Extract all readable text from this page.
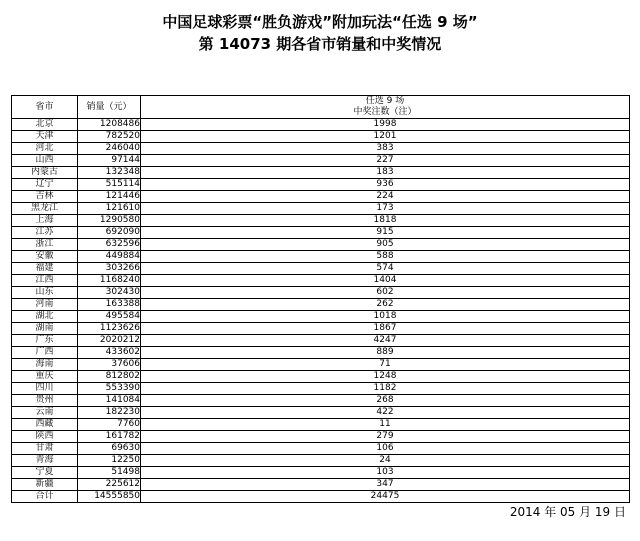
中国足球彩票“胜负游戏”附加玩法“任选 9 场”
第 14073 期各省市销量和中奖情况
省市	销量（元）	任选 9 场
中奖注数（注）

北京	1208486	1998
天津	782520	1201
河北	246040	383
山西	97144	227
内蒙古	132348	183
辽宁	515114	936
吉林	121446	224
黑龙江	121610	173
上海	1290580	1818
江苏	692090	915
浙江	632596	905
安徽	449884	588
福建	303266	574
江西	1168240	1404
山东	302430	602
河南	163388	262
湖北	495584	1018
湖南	1123626	1867
广东	2020212	4247
广西	433602	889
海南	37606	71
重庆	812802	1248
四川	553390	1182
贵州	141084	268
云南	182230	422
西藏	7760	11
陕西	161782	279
甘肃	69630	106
青海	12250	24
宁夏	51498	103
新疆	225612	347
合计	14555850	24475
2014 年 05 月 19 日
